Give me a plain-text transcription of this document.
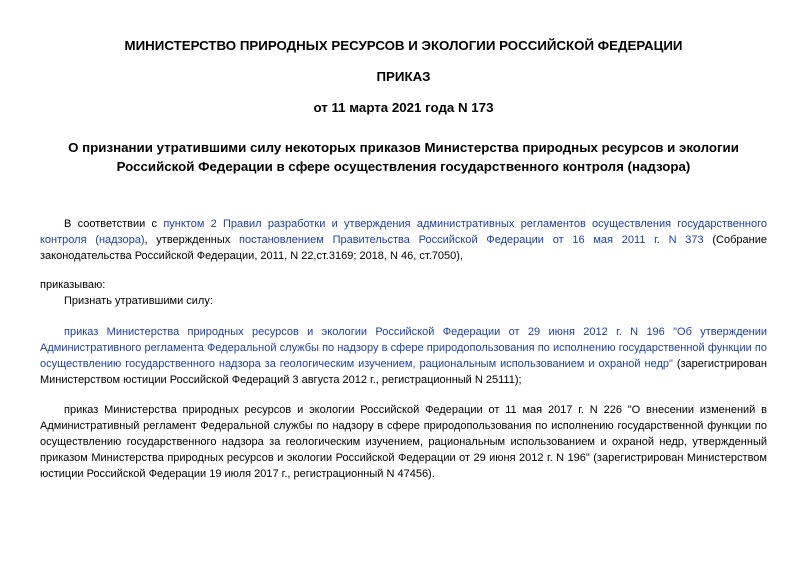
МИНИСТЕРСТВО ПРИРОДНЫХ РЕСУРСОВ И ЭКОЛОГИИ РОССИЙСКОЙ ФЕДЕРАЦИИ
ПРИКАЗ
от 11 марта 2021 года N 173
О признании утратившими силу некоторых приказов Министерства природных ресурсов и экологии Российской Федерации в сфере осуществления государственного контроля (надзора)
В соответствии с пунктом 2 Правил разработки и утверждения административных регламентов осуществления государственного контроля (надзора), утвержденных постановлением Правительства Российской Федерации от 16 мая 2011 г. N 373 (Собрание законодательства Российской Федерации, 2011, N 22,ст.3169; 2018, N 46, ст.7050),
приказываю:
Признать утратившими силу:
приказ Министерства природных ресурсов и экологии Российской Федерации от 29 июня 2012 г. N 196 "Об утверждении Административного регламента Федеральной службы по надзору в сфере природопользования по исполнению государственной функции по осуществлению государственного надзора за геологическим изучением, рациональным использованием и охраной недр" (зарегистрирован Министерством юстиции Российской Федераций 3 августа 2012 г., регистрационный N 25111);
приказ Министерства природных ресурсов и экологии Российской Федерации от 11 мая 2017 г. N 226 "О внесении изменений в Административный регламент Федеральной службы по надзору в сфере природопользования по исполнению государственной функции по осуществлению государственного надзора за геологическим изучением, рациональным использованием и охраной недр, утвержденный приказом Министерства природных ресурсов и экологии Российской Федерации от 29 июня 2012 г. N 196" (зарегистрирован Министерством юстиции Российской Федерации 19 июля 2017 г., регистрационный N 47456).
